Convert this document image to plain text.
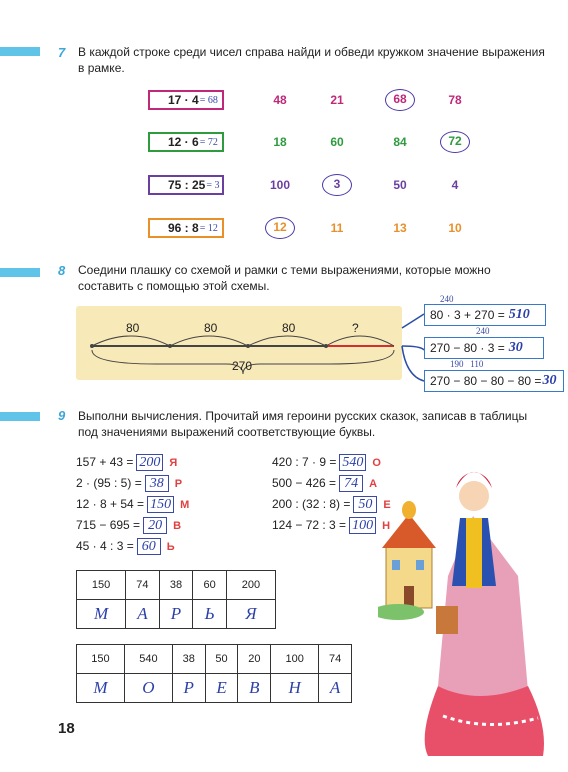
7 В каждой строке среди чисел справа найди и обведи кружком значение выражения в рамке.
17 · 4 = 68	48	21	68	78
12 · 6 = 72	18	60	84	72
75 : 25 = 3	100	3	50	4
96 : 8 = 12	12	11	13	10
8 Соедини плашку со схемой и рамки с теми выражениями, которые можно составить с помощью этой схемы.
80	80	80	?
270
240
80 · 3 + 270 = 510
240
270 − 80 · 3 = 30
190   110
270 − 80 − 80 − 80 = 30
9 Выполни вычисления. Прочитай имя героини русских сказок, записав в таблицы под значениями выражений соответствующие буквы.
157 + 43 = 200 Я
2 · (95 : 5) = 38 Р
12 · 8 + 54 = 150 М
715 − 695 = 20 В
45 · 4 : 3 = 60 Ь
420 : 7 · 9 = 540 О
500 − 426 = 74 А
200 : (32 : 8) = 50 Е
124 − 72 : 3 = 100 Н
150	74	38	60	200
М	А	Р	Ь	Я
150	540	38	50	20	100	74
М	О	Р	Е	В	Н	А
18
